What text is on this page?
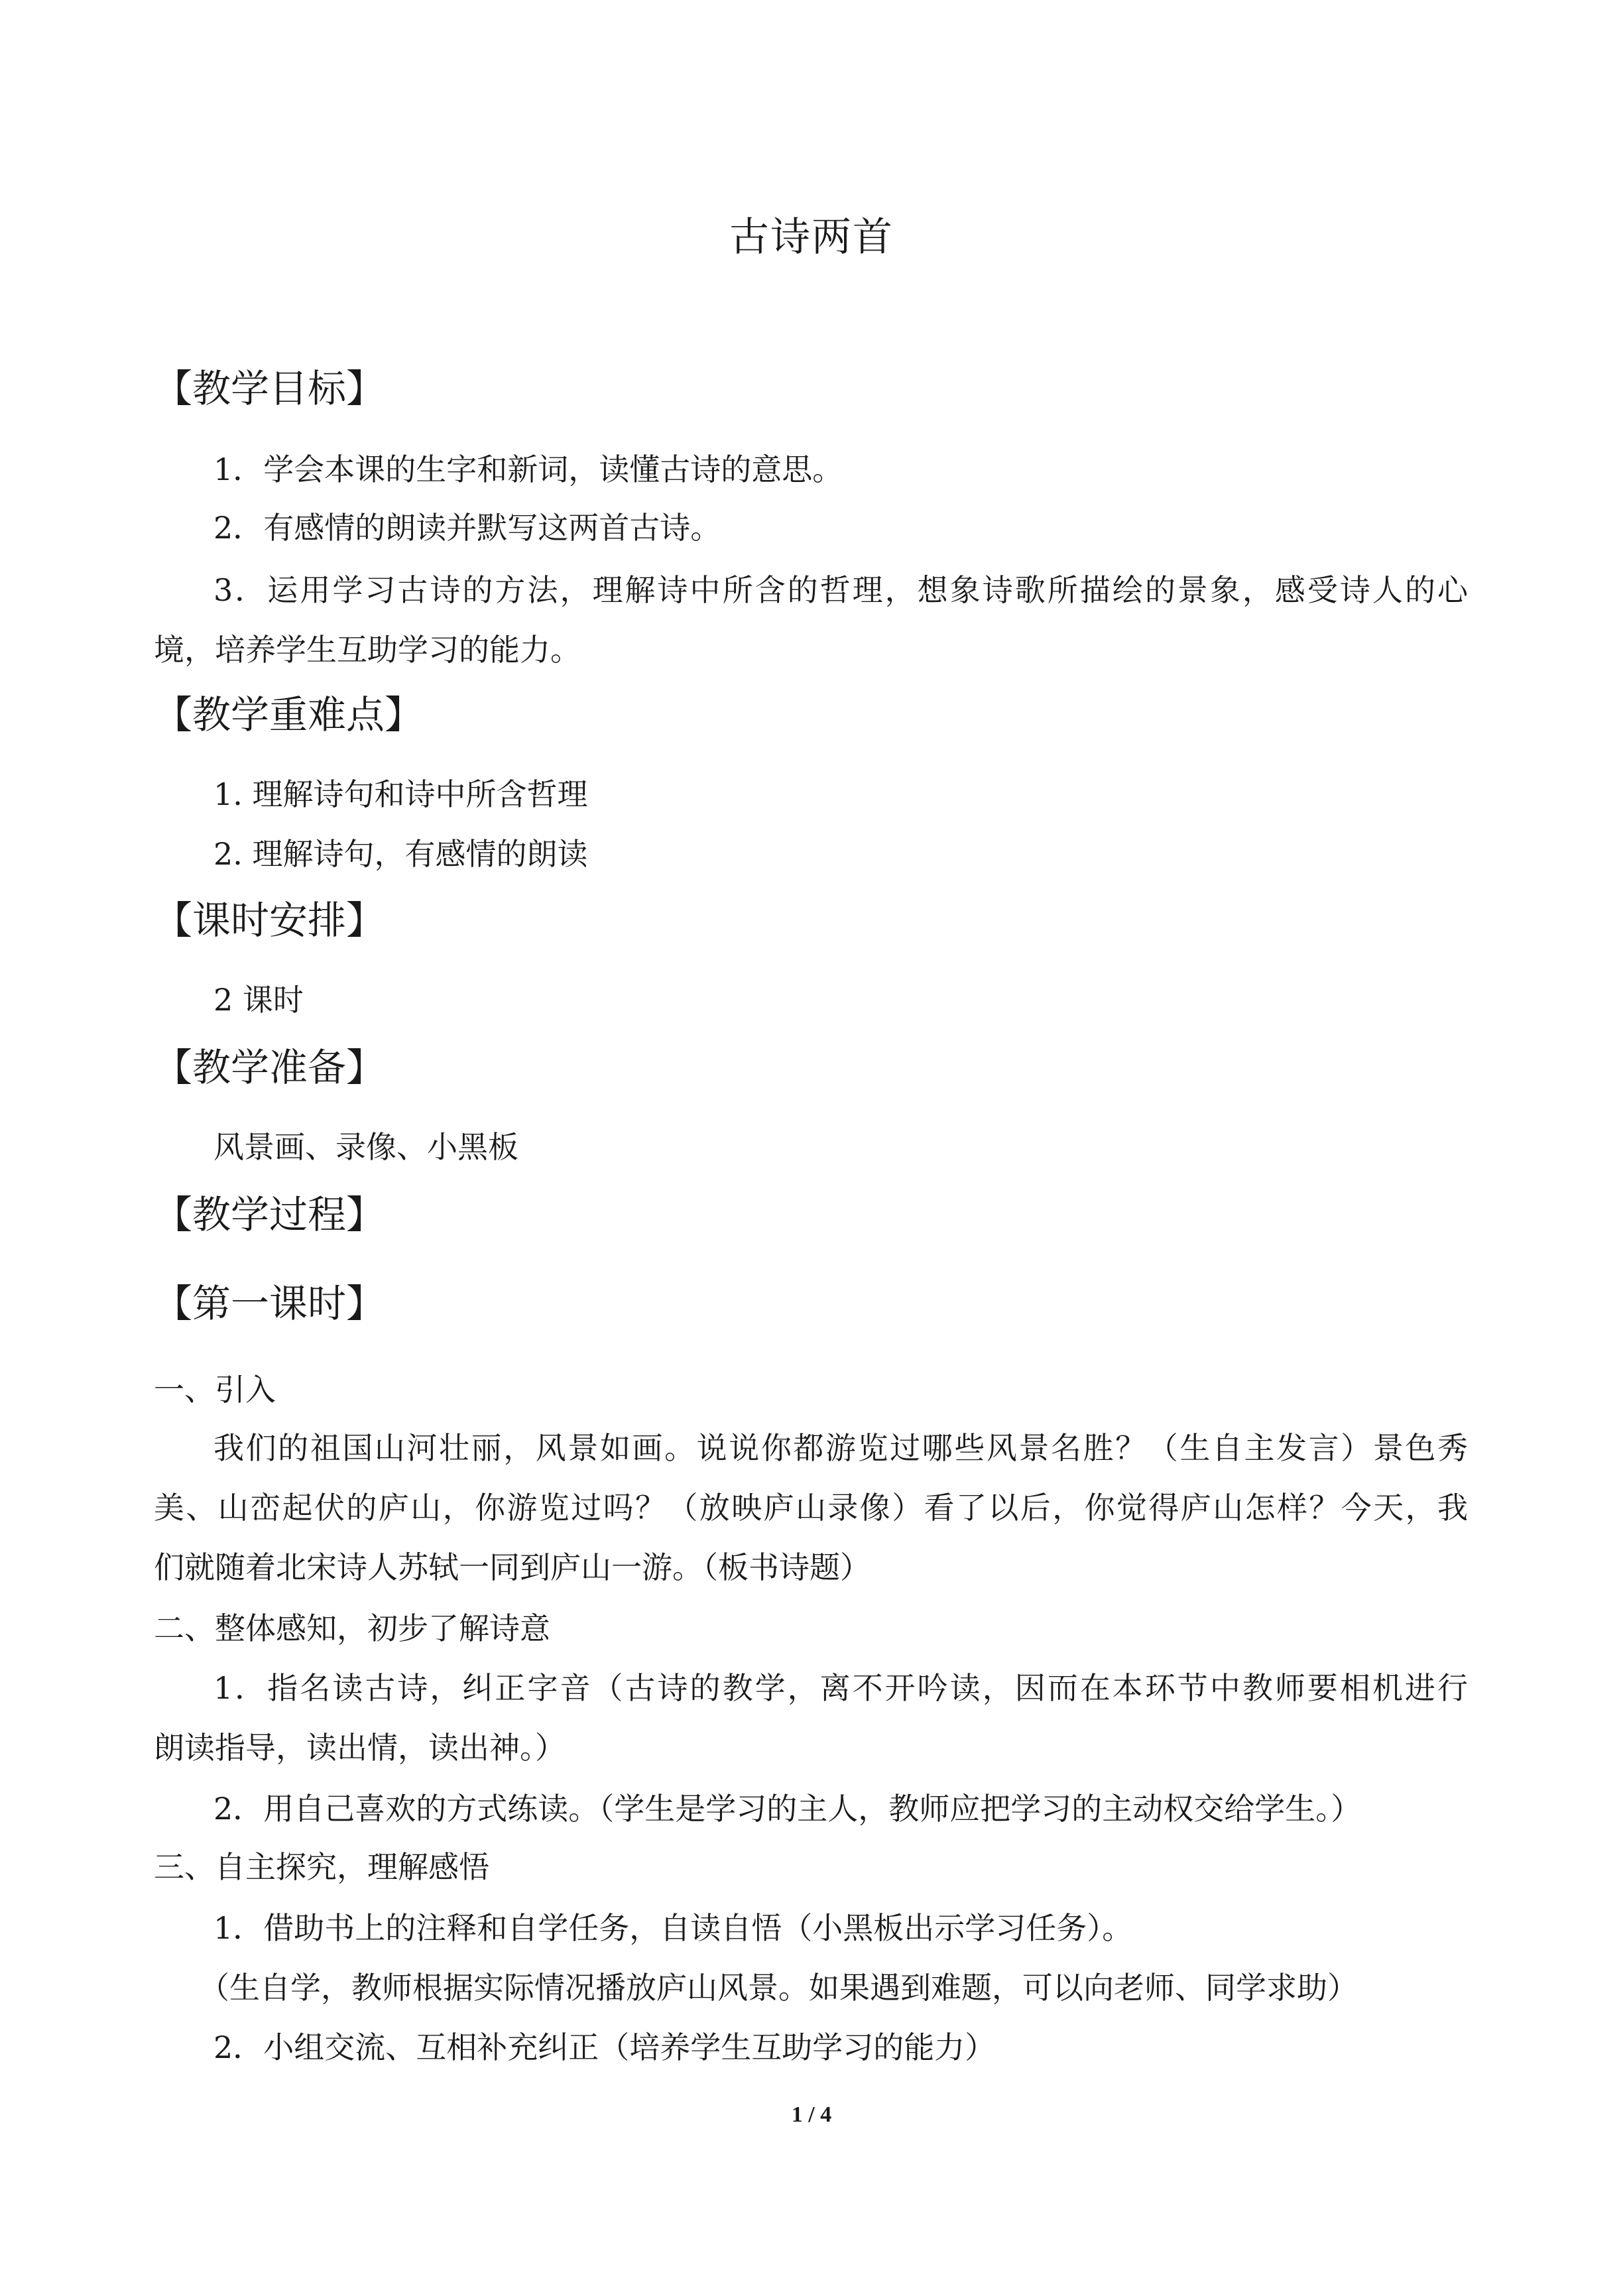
古诗两首
【教学目标】
1．学会本课的生字和新词，读懂古诗的意思。
2．有感情的朗读并默写这两首古诗。
3．运用学习古诗的方法，理解诗中所含的哲理，想象诗歌所描绘的景象，感受诗人的心
境，培养学生互助学习的能力。
【教学重难点】
1. 理解诗句和诗中所含哲理
2. 理解诗句，有感情的朗读
【课时安排】
2 课时
【教学准备】
风景画、录像、小黑板
【教学过程】
【第一课时】
一、引入
我们的祖国山河壮丽，风景如画。说说你都游览过哪些风景名胜？（生自主发言）景色秀
美、山峦起伏的庐山，你游览过吗？（放映庐山录像）看了以后，你觉得庐山怎样？今天，我
们就随着北宋诗人苏轼一同到庐山一游。（板书诗题）
二、整体感知，初步了解诗意
1．指名读古诗，纠正字音（古诗的教学，离不开吟读，因而在本环节中教师要相机进行
朗读指导，读出情，读出神。）
2．用自己喜欢的方式练读。（学生是学习的主人，教师应把学习的主动权交给学生。）
三、自主探究，理解感悟
1．借助书上的注释和自学任务，自读自悟（小黑板出示学习任务）。
（生自学，教师根据实际情况播放庐山风景。如果遇到难题，可以向老师、同学求助）
2．小组交流、互相补充纠正（培养学生互助学习的能力）
1 / 4
